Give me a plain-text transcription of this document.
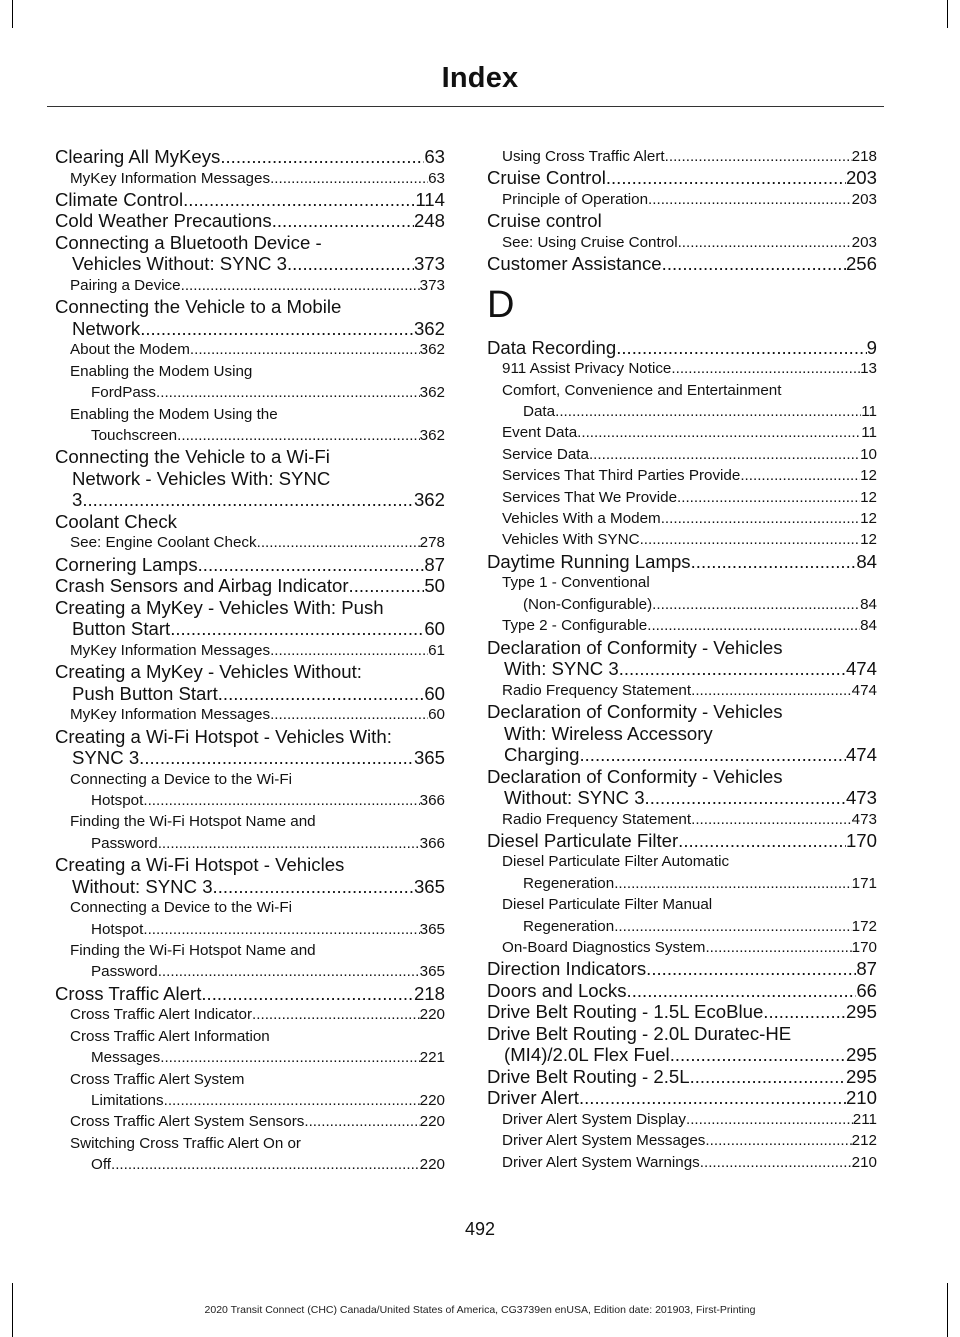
Index
Clearing All MyKeys .....	63
MyKey Information Messages .....	63
Climate Control .....	114
Cold Weather Precautions .....	248
Connecting a Bluetooth Device -
Vehicles Without: SYNC 3 .....	373
Pairing a Device .....	373
Connecting the Vehicle to a Mobile
Network .....	362
About the Modem .....	362
Enabling the Modem Using
FordPass .....	362
Enabling the Modem Using the
Touchscreen .....	362
Connecting the Vehicle to a Wi-Fi
Network - Vehicles With: SYNC
3 .....	362
Coolant Check
See: Engine Coolant Check .....	278
Cornering Lamps .....	87
Crash Sensors and Airbag Indicator .....	50
Creating a MyKey - Vehicles With: Push
Button Start .....	60
MyKey Information Messages .....	61
Creating a MyKey - Vehicles Without:
Push Button Start .....	60
MyKey Information Messages .....	60
Creating a Wi-Fi Hotspot - Vehicles With:
SYNC 3 .....	365
Connecting a Device to the Wi-Fi
Hotspot .....	366
Finding the Wi-Fi Hotspot Name and
Password .....	366
Creating a Wi-Fi Hotspot - Vehicles
Without: SYNC 3 .....	365
Connecting a Device to the Wi-Fi
Hotspot .....	365
Finding the Wi-Fi Hotspot Name and
Password .....	365
Cross Traffic Alert .....	218
Cross Traffic Alert Indicator .....	220
Cross Traffic Alert Information
Messages .....	221
Cross Traffic Alert System
Limitations .....	220
Cross Traffic Alert System Sensors .....	220
Switching Cross Traffic Alert On or
Off .....	220
Using Cross Traffic Alert .....	218
Cruise Control .....	203
Principle of Operation .....	203
Cruise control
See: Using Cruise Control .....	203
Customer Assistance .....	256
D
Data Recording .....	9
911 Assist Privacy Notice .....	13
Comfort, Convenience and Entertainment
Data .....	11
Event Data .....	11
Service Data .....	10
Services That Third Parties Provide .....	12
Services That We Provide .....	12
Vehicles With a Modem .....	12
Vehicles With SYNC .....	12
Daytime Running Lamps .....	84
Type 1 - Conventional
(Non-Configurable) .....	84
Type 2 - Configurable .....	84
Declaration of Conformity - Vehicles
With: SYNC 3 .....	474
Radio Frequency Statement .....	474
Declaration of Conformity - Vehicles
With: Wireless Accessory
Charging .....	474
Declaration of Conformity - Vehicles
Without: SYNC 3 .....	473
Radio Frequency Statement .....	473
Diesel Particulate Filter .....	170
Diesel Particulate Filter Automatic
Regeneration .....	171
Diesel Particulate Filter Manual
Regeneration .....	172
On-Board Diagnostics System .....	170
Direction Indicators .....	87
Doors and Locks .....	66
Drive Belt Routing - 1.5L EcoBlue .....	295
Drive Belt Routing - 2.0L Duratec-HE
(MI4)/2.0L Flex Fuel .....	295
Drive Belt Routing - 2.5L .....	295
Driver Alert .....	210
Driver Alert System Display .....	211
Driver Alert System Messages .....	212
Driver Alert System Warnings .....	210
492
2020 Transit Connect (CHC) Canada/United States of America, CG3739en enUSA, Edition date: 201903, First-Printing
